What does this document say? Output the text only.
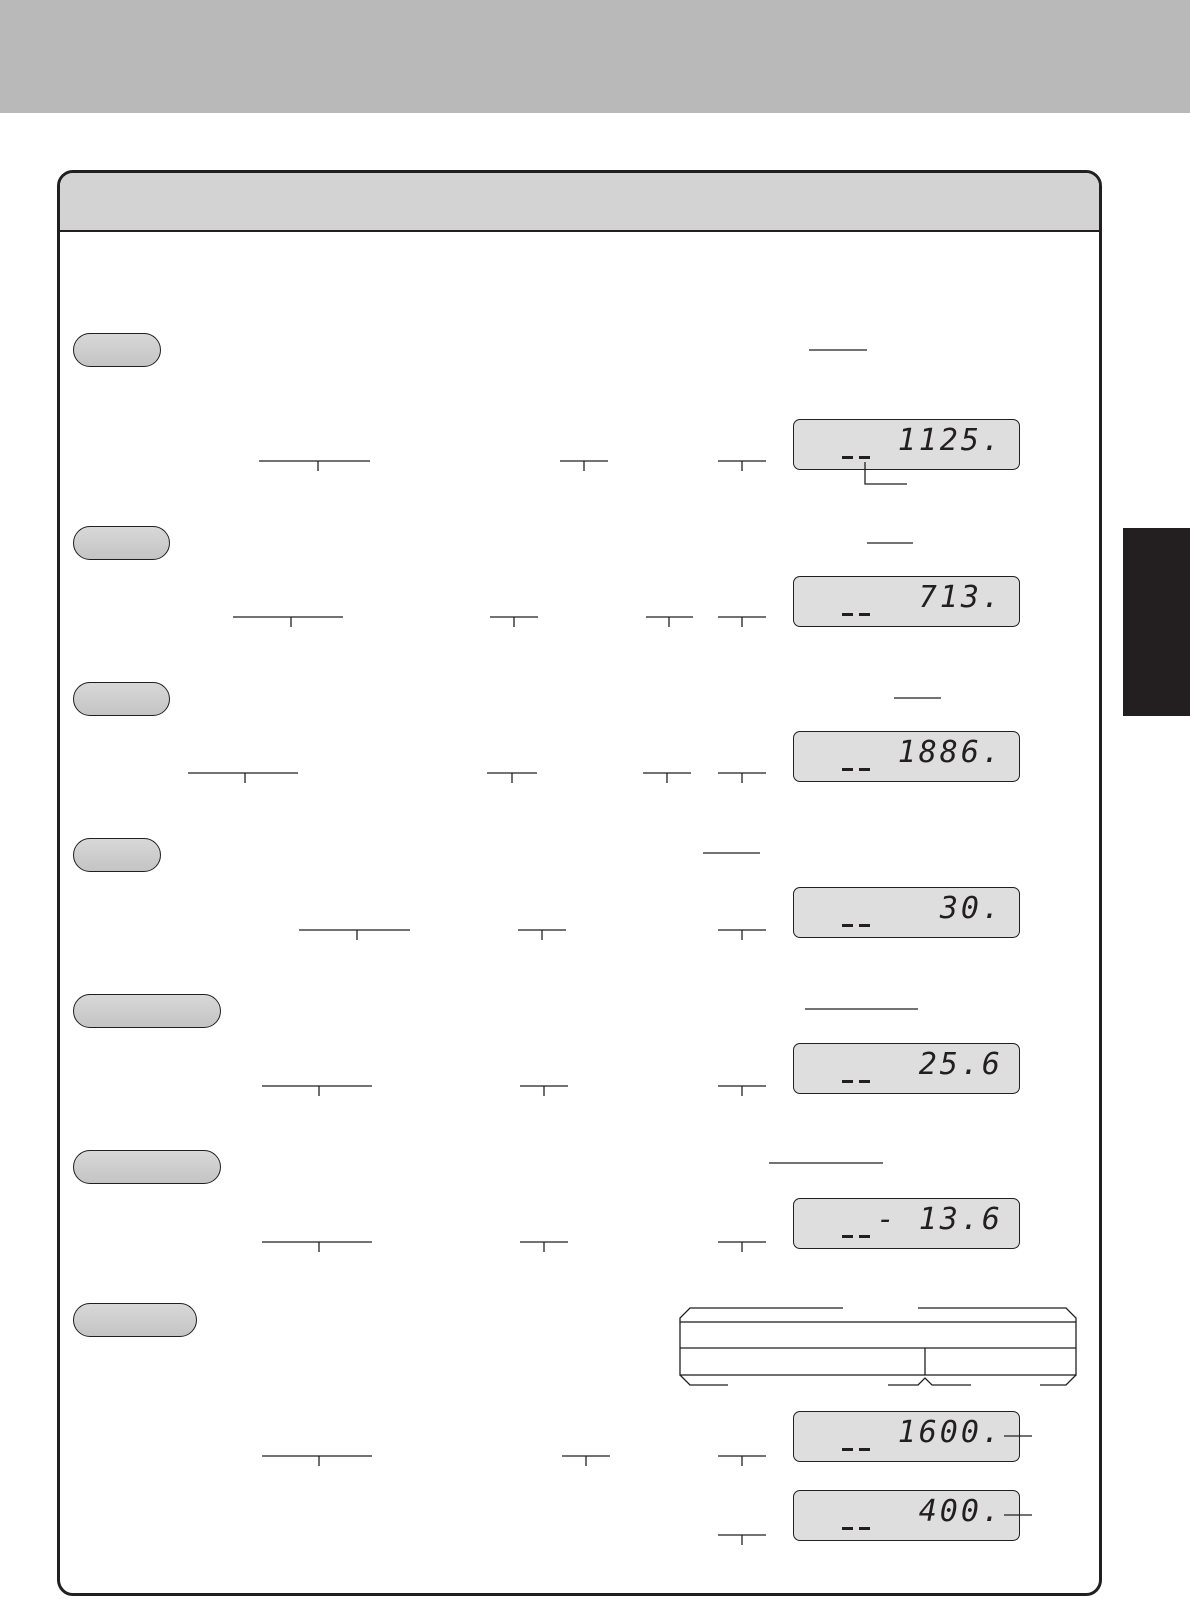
1125.
713.
1886.
30.
25.6
- 13.6
1600.
400.
